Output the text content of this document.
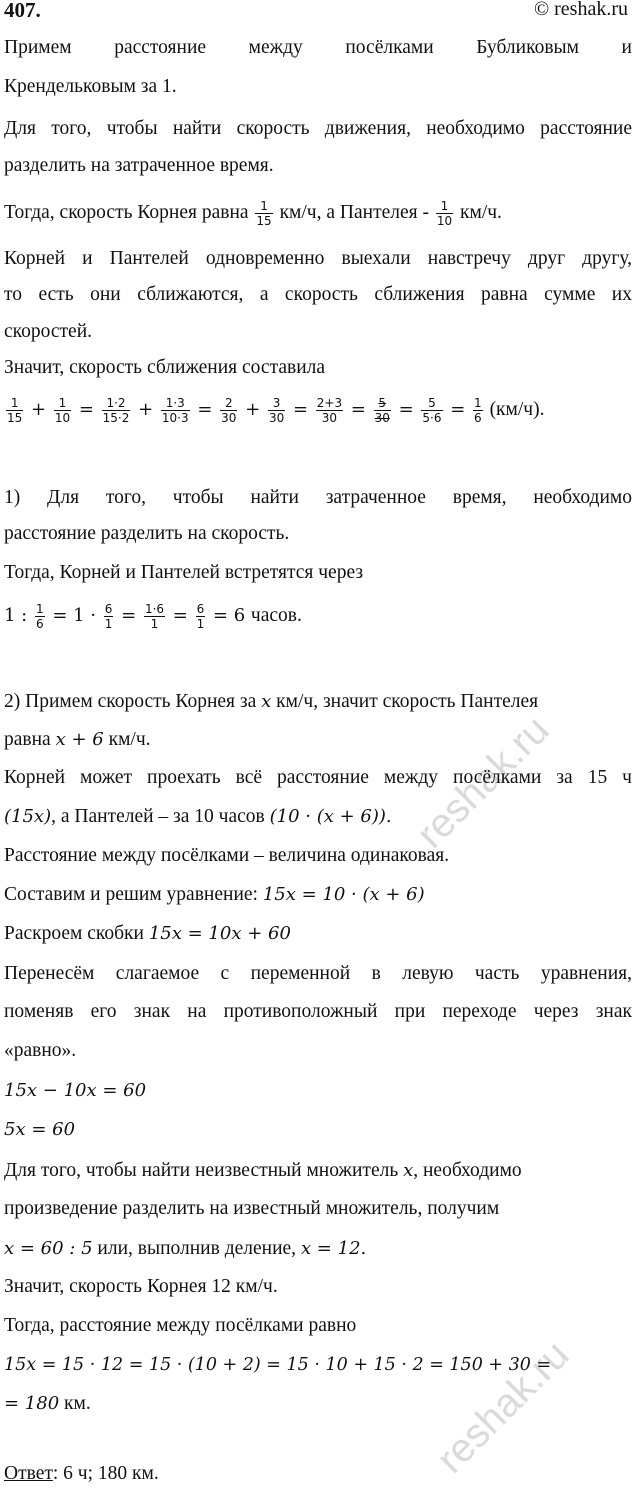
reshak.ru
reshak.ru
407.	© reshak.ru
Примем расстояние между посёлками Бубликовым и
Крендельковым за 1.
Для того, чтобы найти скорость движения, необходимо расстояние
разделить на затраченное время.
Тогда, скорость Корнея равна $\frac{1}{15} км/ч$, а Пантелея - $\frac{1}{10} км/ч$.
Корней и Пантелей одновременно выехали навстречу друг другу,
то есть они сближаются, а скорость сближения равна сумме их
скоростей.
Значит, скорость сближения составила
$\frac{1}{15} + \frac{1}{10} = \frac{1\cdot 2}{15\cdot 2} + \frac{1\cdot 3}{10\cdot 3} = \frac{2}{30} + \frac{3}{30} = \frac{2+3}{30} = \frac{5}{30} = \frac{5}{5\cdot 6} = \frac{1}{6} (км/ч)$.
1) Для того, чтобы найти затраченное время, необходимо
расстояние разделить на скорость.
Тогда, Корней и Пантелей встретятся через
1 : $\frac{1}{6} = 1 \cdot \frac{6}{1} = \frac{1\cdot 6}{1} = \frac{6}{1} = 6$ часов.
2) Примем скорость Корнея за x км/ч, значит скорость Пантелея
равна x + 6 км/ч.
Корней может проехать всё расстояние между посёлками за 15 ч
(15x), а Пантелей – за 10 часов (10 · (x + 6)).
Расстояние между посёлками – величина одинаковая.
Составим и решим уравнение: 15x = 10 · (x + 6)
Раскроем скобки 15x = 10x + 60
Перенесём слагаемое с переменной в левую часть уравнения,
поменяв его знак на противоположный при переходе через знак
«равно».
15x − 10x = 60
5x = 60
Для того, чтобы найти неизвестный множитель x, необходимо
произведение разделить на известный множитель, получим
x = 60 : 5 или, выполнив деление, x = 12.
Значит, скорость Корнея 12 км/ч.
Тогда, расстояние между посёлками равно
15x = 15 · 12 = 15 · (10 + 2) = 15 · 10 + 15 · 2 = 150 + 30 =
= 180 км.
Ответ: 6 ч; 180 км.
